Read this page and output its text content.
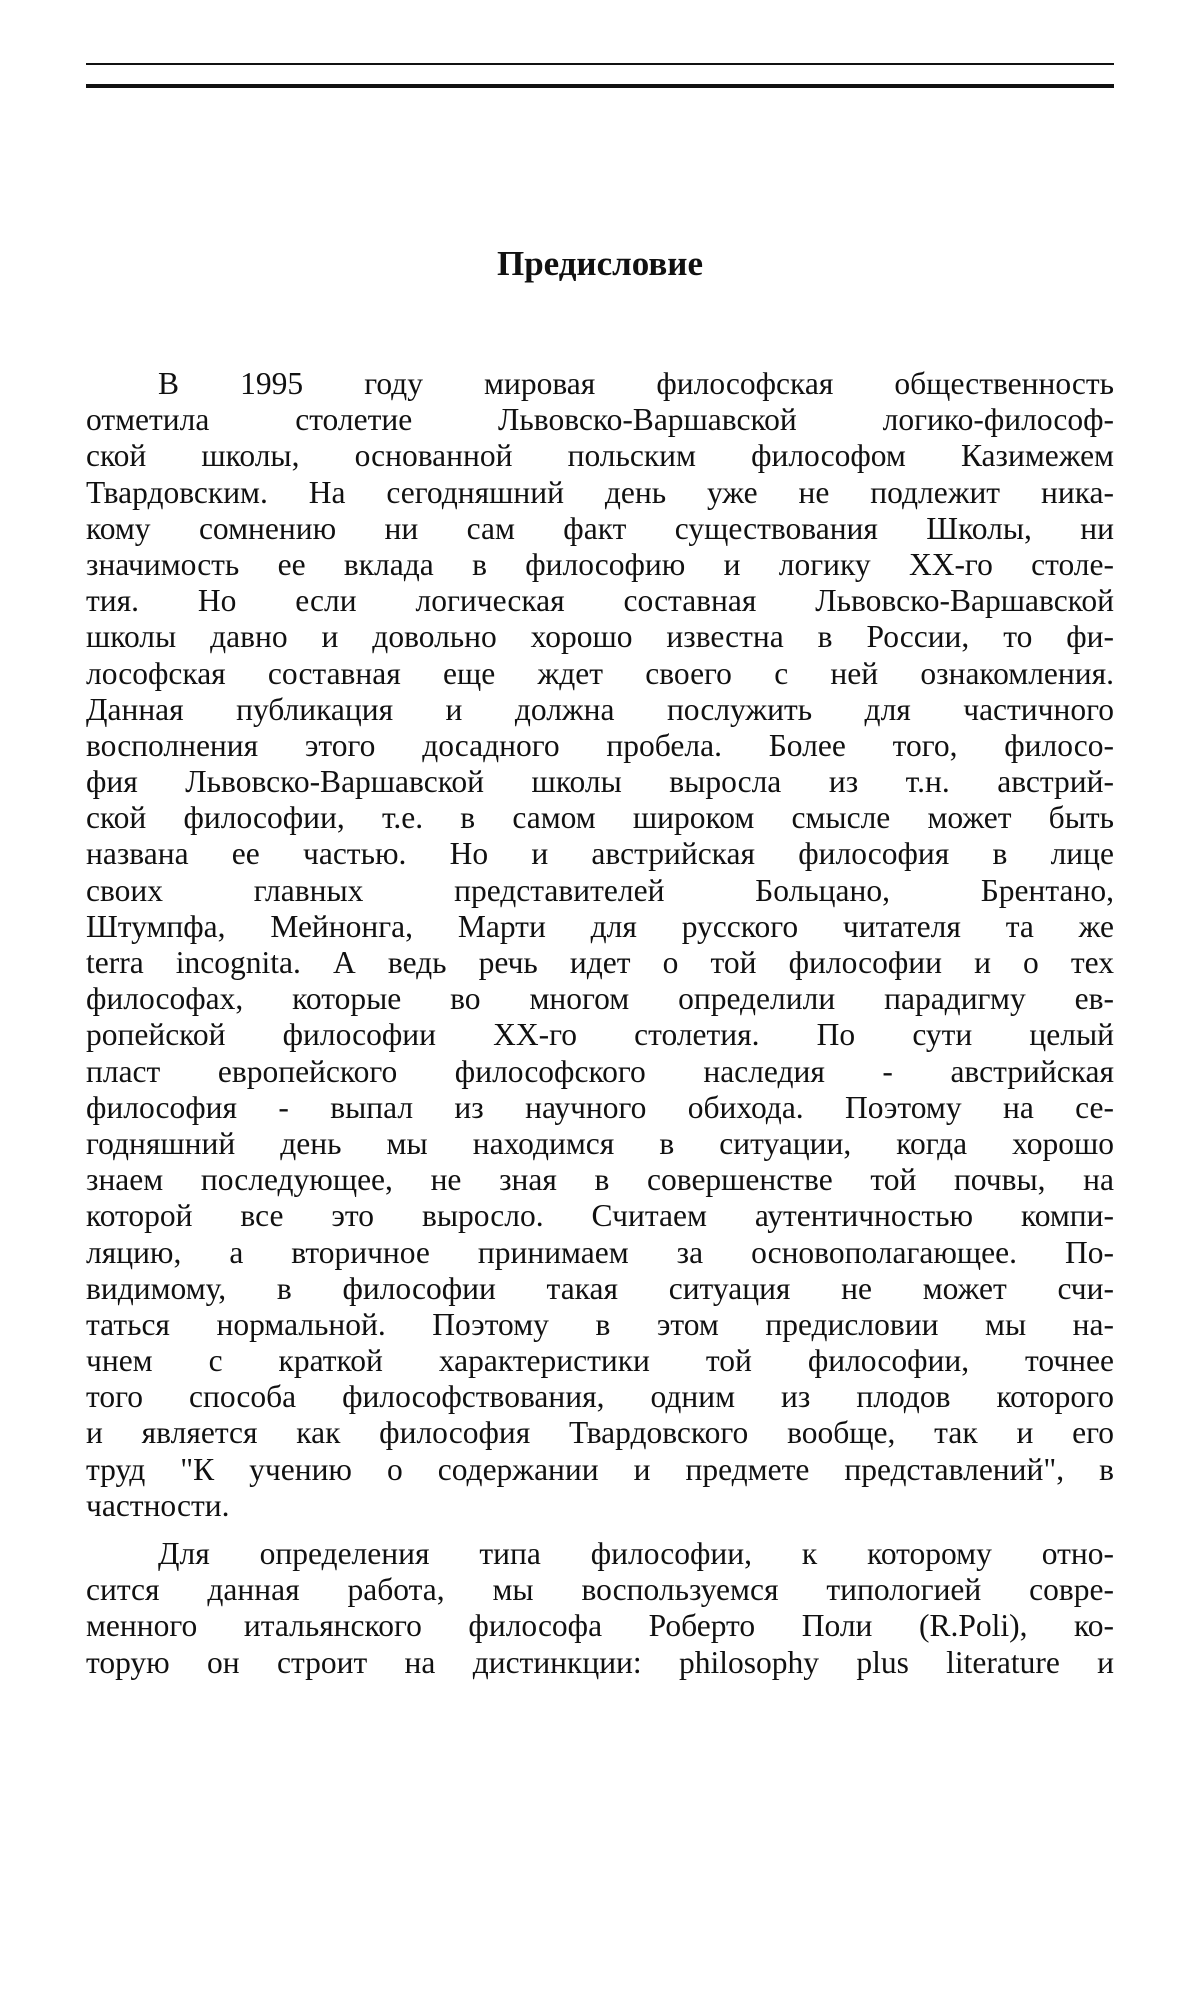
Предисловие
В 1995 году мировая философская общественность
отметила столетие Львовско-Варшавской логико-философ-
ской школы, основанной польским философом Казимежем
Твардовским. На сегодняшний день уже не подлежит ника-
кому сомнению ни сам факт существования Школы, ни
значимость ее вклада в философию и логику XX-го столе-
тия. Но если логическая составная Львовско-Варшавской
школы давно и довольно хорошо известна в России, то фи-
лософская составная еще ждет своего с ней ознакомления.
Данная публикация и должна послужить для частичного
восполнения этого досадного пробела. Более того, филосо-
фия Львовско-Варшавской школы выросла из т.н. австрий-
ской философии, т.е. в самом широком смысле может быть
названа ее частью. Но и австрийская философия в лице
своих главных представителей Больцано, Брентано,
Штумпфа, Мейнонга, Марти для русского читателя та же
terra incognita. А ведь речь идет о той философии и о тех
философах, которые во многом определили парадигму ев-
ропейской философии XX-го столетия. По сути целый
пласт европейского философского наследия - австрийская
философия - выпал из научного обихода. Поэтому на се-
годняшний день мы находимся в ситуации, когда хорошо
знаем последующее, не зная в совершенстве той почвы, на
которой все это выросло. Считаем аутентичностью компи-
ляцию, а вторичное принимаем за основополагающее. По-
видимому, в философии такая ситуация не может счи-
таться нормальной. Поэтому в этом предисловии мы на-
чнем с краткой характеристики той философии, точнее
того способа философствования, одним из плодов которого
и является как философия Твардовского вообще, так и его
труд "К учению о содержании и предмете представлений", в
частности.
Для определения типа философии, к которому отно-
сится данная работа, мы воспользуемся типологией совре-
менного итальянского философа Роберто Поли (R.Poli), ко-
торую он строит на дистинкции: philosophy plus literature и
